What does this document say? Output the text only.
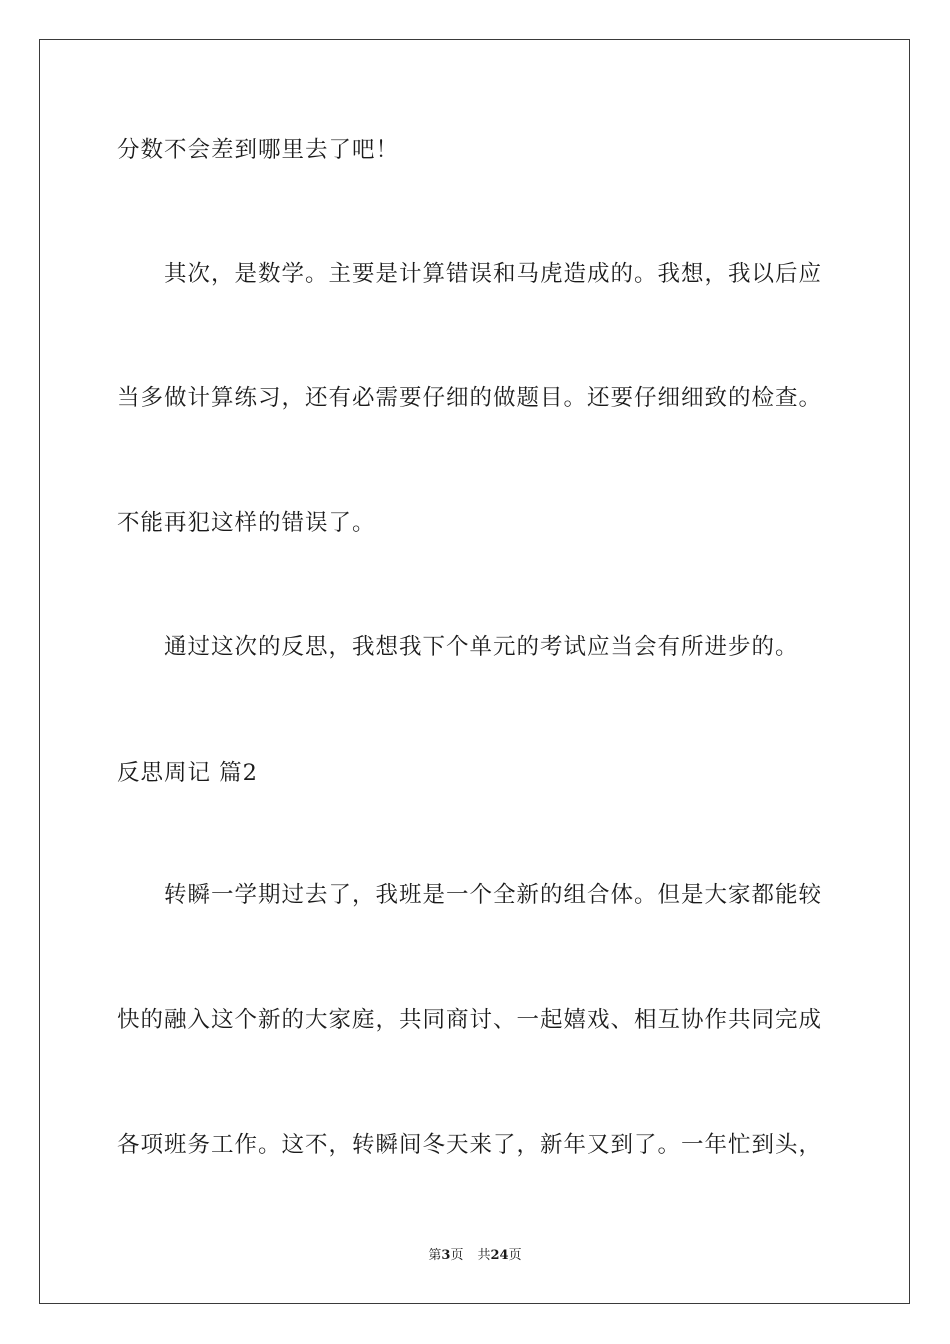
分数不会差到哪里去了吧！
其次，是数学。主要是计算错误和马虎造成的。我想，我以后应
当多做计算练习，还有必需要仔细的做题目。还要仔细细致的检查。
不能再犯这样的错误了。
通过这次的反思，我想我下个单元的考试应当会有所进步的。
反思周记 篇2
转瞬一学期过去了，我班是一个全新的组合体。但是大家都能较
快的融入这个新的大家庭，共同商讨、一起嬉戏、相互协作共同完成
各项班务工作。这不，转瞬间冬天来了，新年又到了。一年忙到头，
第3页 共24页
